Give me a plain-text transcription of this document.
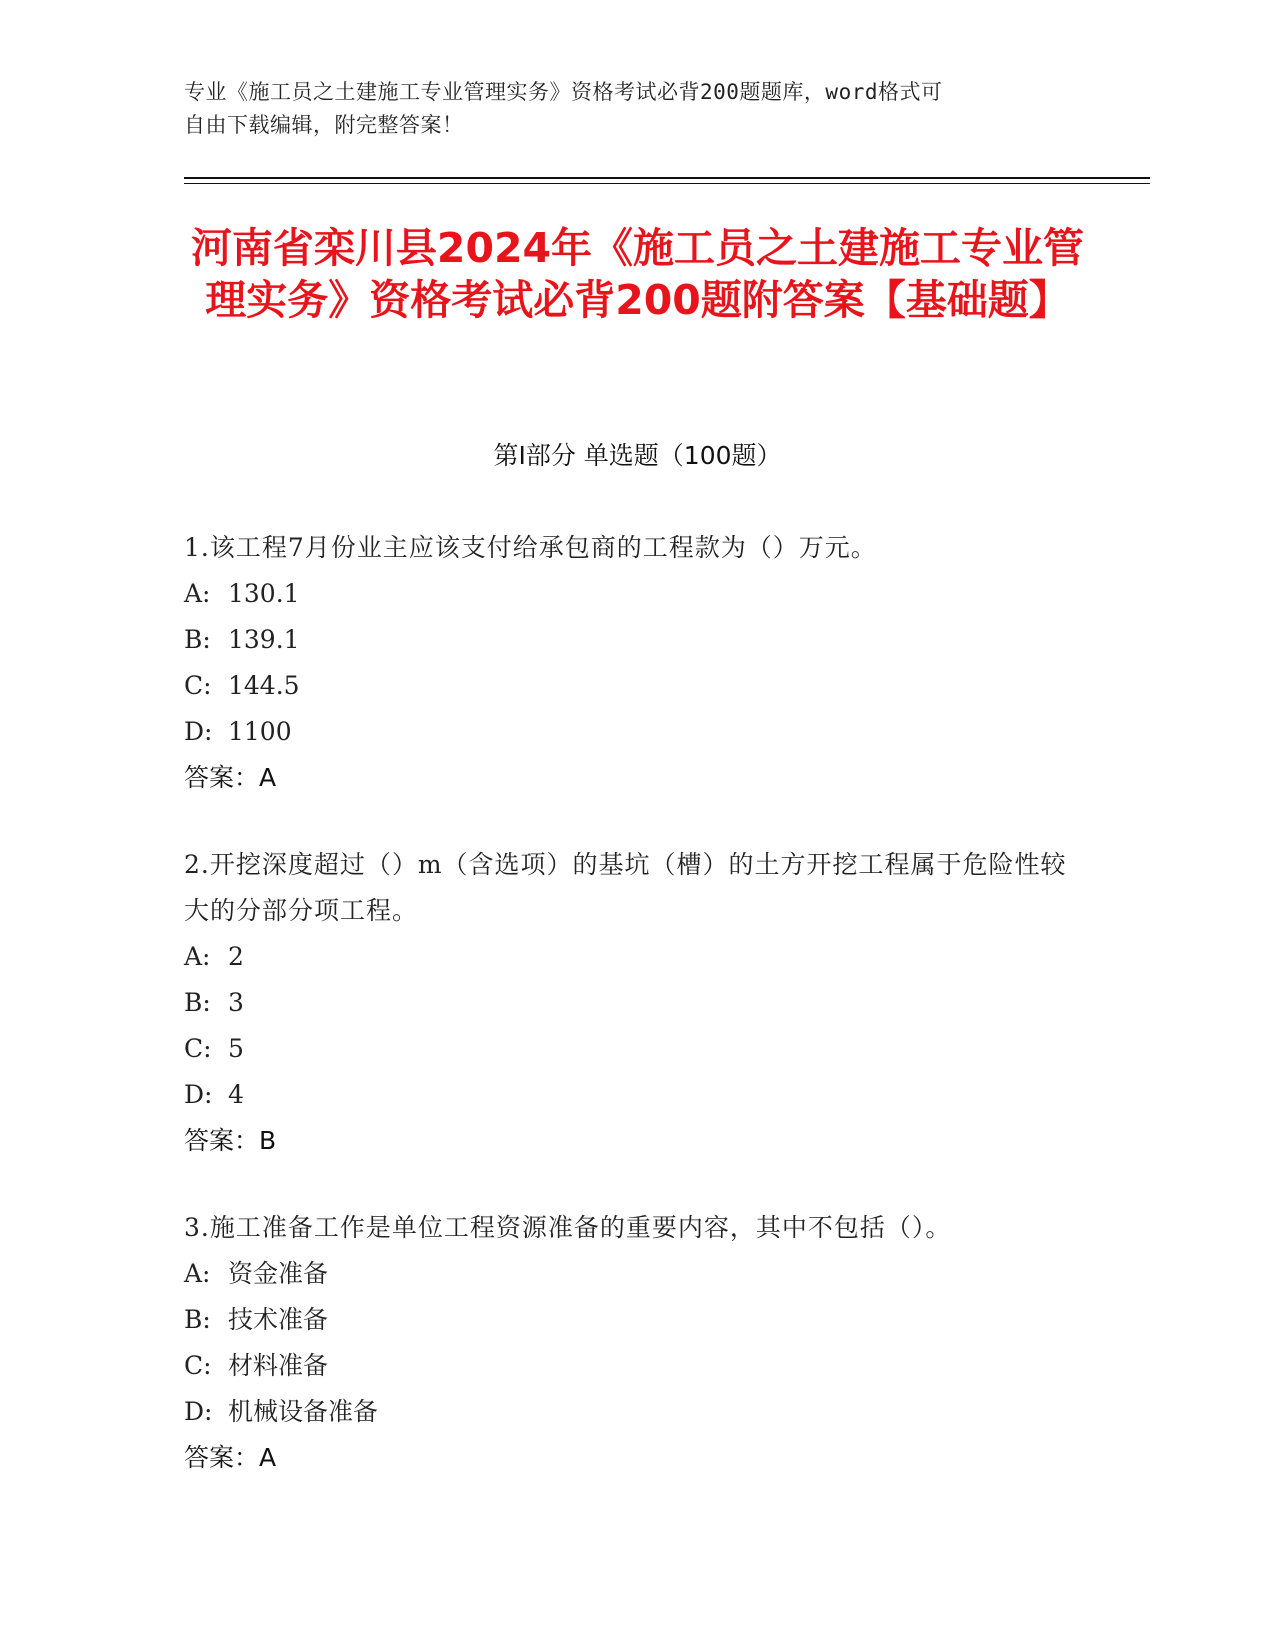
专业《施工员之土建施工专业管理实务》资格考试必背200题题库，word格式可
自由下载编辑，附完整答案！
河南省栾川县2024年《施工员之土建施工专业管理实务》资格考试必背200题附答案【基础题】
第I部分 单选题（100题）

1.该工程7月份业主应该支付给承包商的工程款为（）万元。

A: 130.1
B: 139.1
C: 144.5
D: 1100
答案：A

2.开挖深度超过（）m（含选项）的基坑（槽）的土方开挖工程属于危险性较大的分部分项工程。

A: 2
B: 3
C: 5
D: 4
答案：B

3.施工准备工作是单位工程资源准备的重要内容，其中不包括（）。

A: 资金准备
B: 技术准备
C: 材料准备
D: 机械设备准备
答案：A
